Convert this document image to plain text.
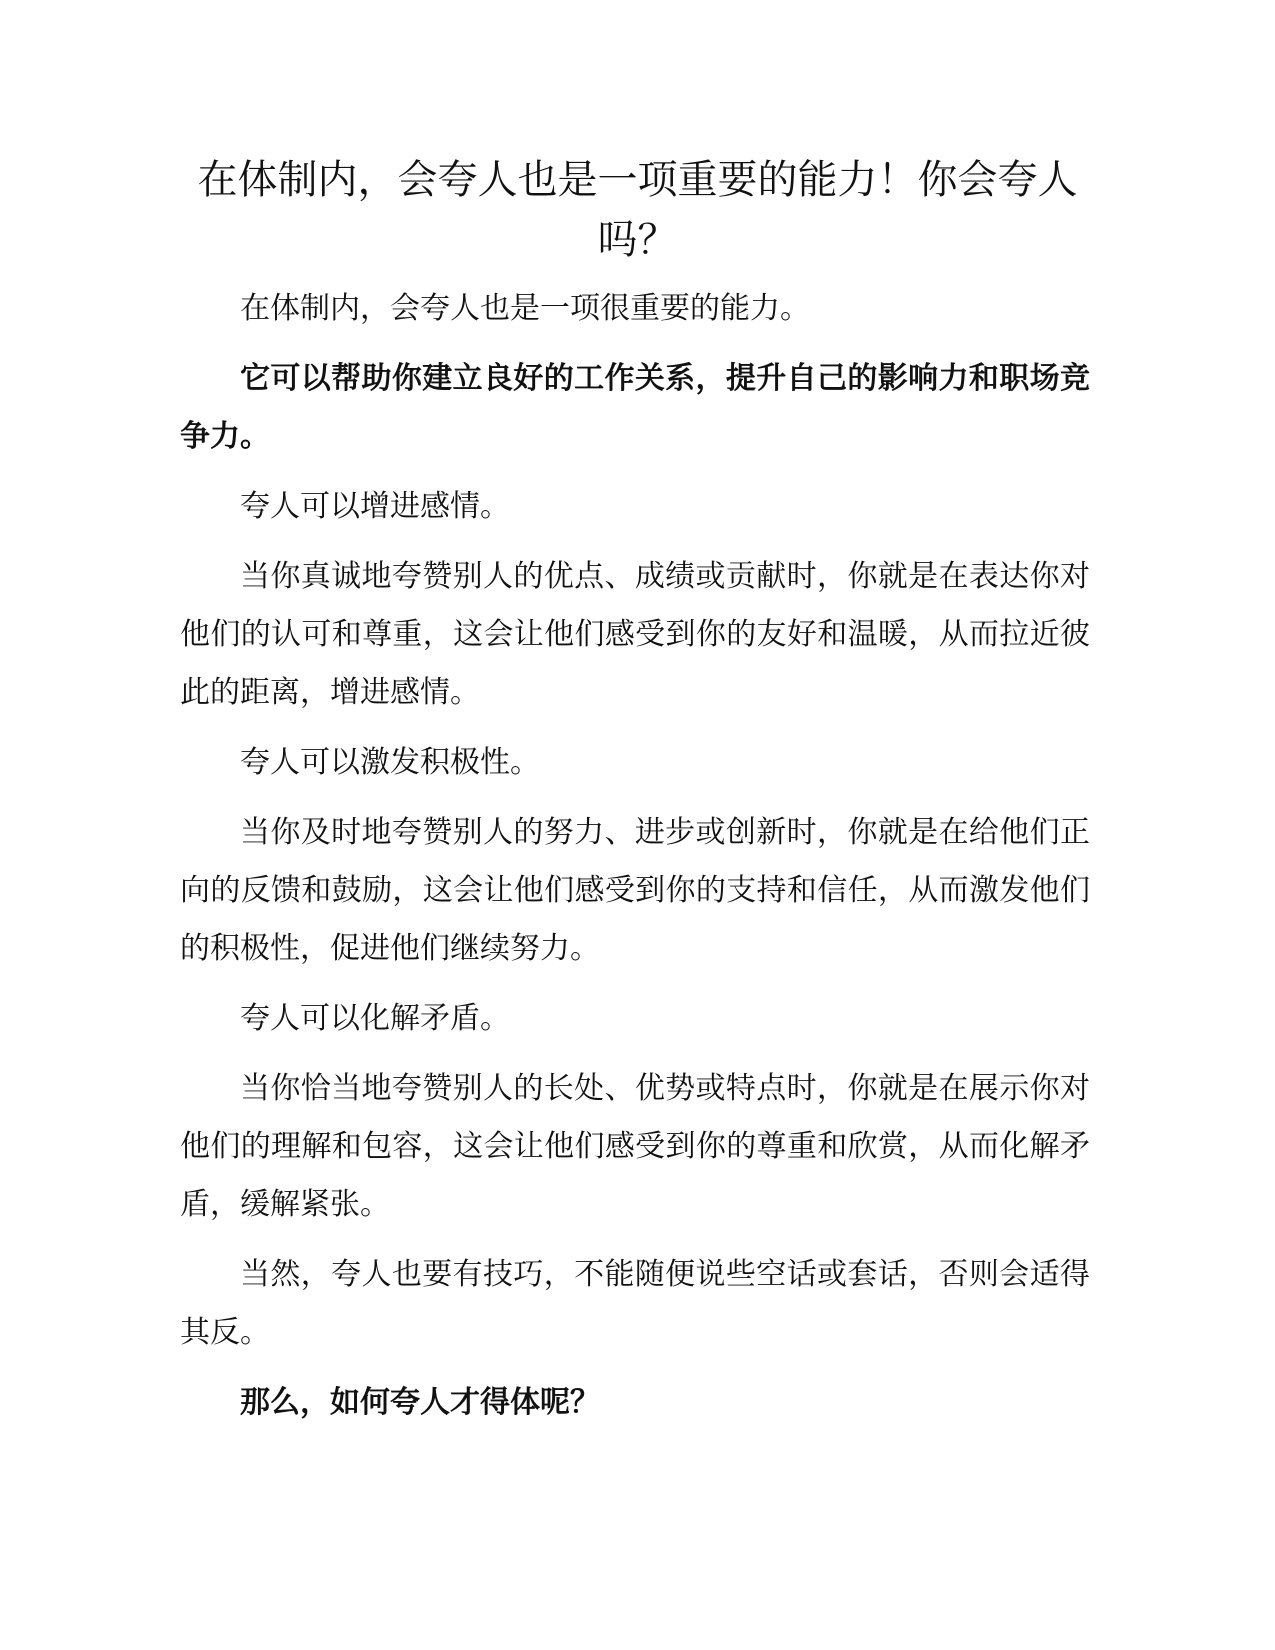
在体制内，会夸人也是一项重要的能力！你会夸人吗？

在体制内，会夸人也是一项很重要的能力。

它可以帮助你建立良好的工作关系，提升自己的影响力和职场竞争力。

夸人可以增进感情。

当你真诚地夸赞别人的优点、成绩或贡献时，你就是在表达你对他们的认可和尊重，这会让他们感受到你的友好和温暖，从而拉近彼此的距离，增进感情。

夸人可以激发积极性。

当你及时地夸赞别人的努力、进步或创新时，你就是在给他们正向的反馈和鼓励，这会让他们感受到你的支持和信任，从而激发他们的积极性，促进他们继续努力。

夸人可以化解矛盾。

当你恰当地夸赞别人的长处、优势或特点时，你就是在展示你对他们的理解和包容，这会让他们感受到你的尊重和欣赏，从而化解矛盾，缓解紧张。

当然，夸人也要有技巧，不能随便说些空话或套话，否则会适得其反。

那么，如何夸人才得体呢？
